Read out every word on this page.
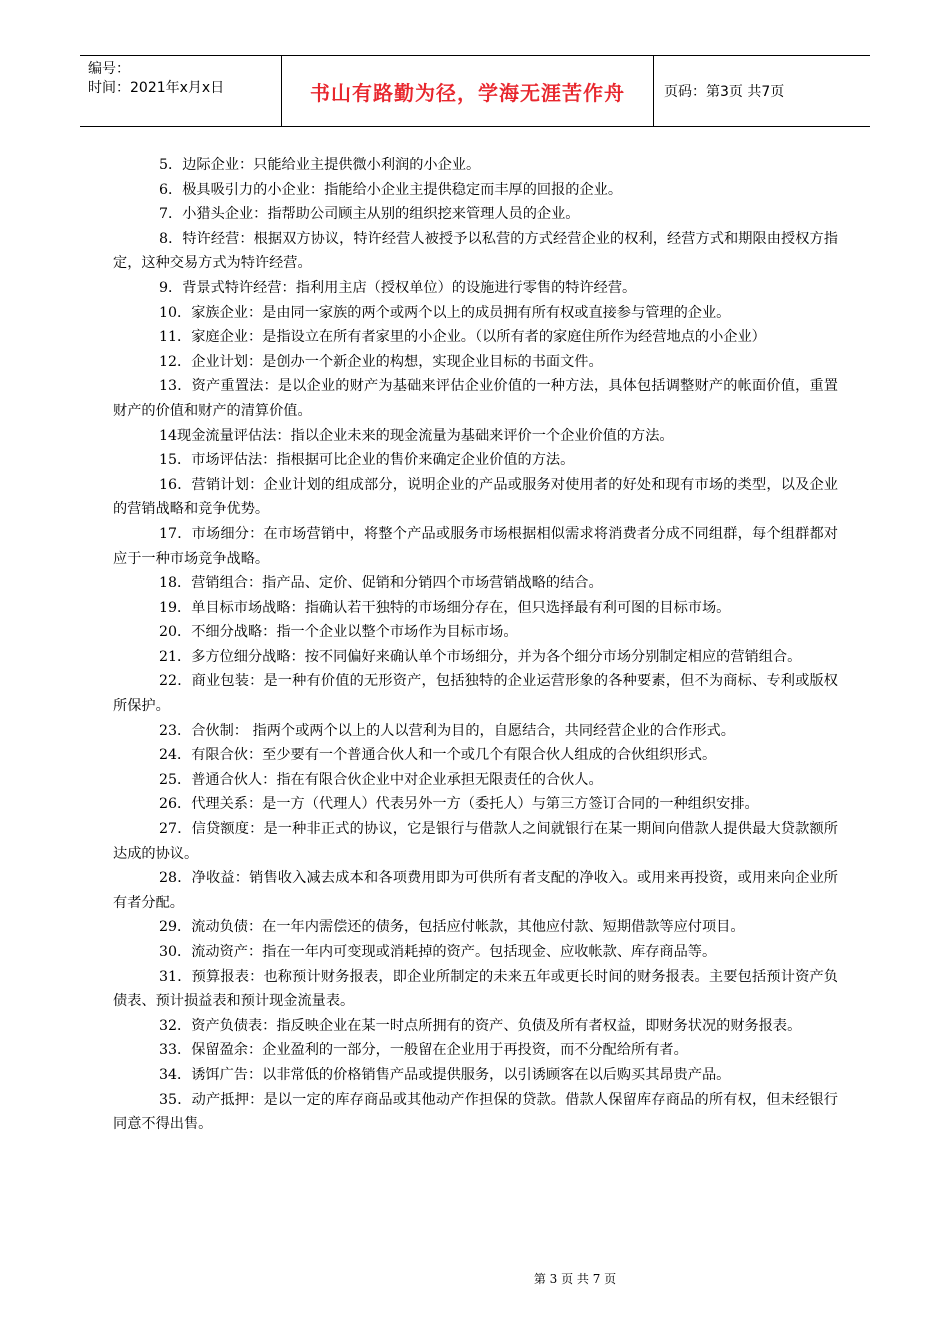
编号：
时间：2021年x月x日	书山有路勤为径，学海无涯苦作舟	页码：第3页 共7页

5．边际企业：只能给业主提供微小利润的小企业。

6．极具吸引力的小企业：指能给小企业主提供稳定而丰厚的回报的企业。

7．小猎头企业：指帮助公司顾主从别的组织挖来管理人员的企业。

8．特许经营：根据双方协议，特许经营人被授予以私营的方式经营企业的权利，经营方式和期限由授权方指定，这种交易方式为特许经营。

9．背景式特许经营：指利用主店（授权单位）的设施进行零售的特许经营。

10．家族企业：是由同一家族的两个或两个以上的成员拥有所有权或直接参与管理的企业。

11．家庭企业：是指设立在所有者家里的小企业。（以所有者的家庭住所作为经营地点的小企业）

12．企业计划：是创办一个新企业的构想，实现企业目标的书面文件。

13．资产重置法：是以企业的财产为基础来评估企业价值的一种方法，具体包括调整财产的帐面价值，重置财产的价值和财产的清算价值。

14现金流量评估法：指以企业未来的现金流量为基础来评价一个企业价值的方法。

15．市场评估法：指根据可比企业的售价来确定企业价值的方法。

16．营销计划：企业计划的组成部分，说明企业的产品或服务对使用者的好处和现有市场的类型，以及企业的营销战略和竞争优势。

17．市场细分：在市场营销中，将整个产品或服务市场根据相似需求将消费者分成不同组群，每个组群都对应于一种市场竞争战略。

18．营销组合：指产品、定价、促销和分销四个市场营销战略的结合。

19．单目标市场战略：指确认若干独特的市场细分存在，但只选择最有利可图的目标市场。

20．不细分战略：指一个企业以整个市场作为目标市场。

21．多方位细分战略：按不同偏好来确认单个市场细分，并为各个细分市场分别制定相应的营销组合。

22．商业包装：是一种有价值的无形资产，包括独特的企业运营形象的各种要素，但不为商标、专利或版权所保护。

23．合伙制： 指两个或两个以上的人以营利为目的，自愿结合，共同经营企业的合作形式。

24．有限合伙：至少要有一个普通合伙人和一个或几个有限合伙人组成的合伙组织形式。

25．普通合伙人：指在有限合伙企业中对企业承担无限责任的合伙人。

26．代理关系：是一方（代理人）代表另外一方（委托人）与第三方签订合同的一种组织安排。

27．信贷额度：是一种非正式的协议，它是银行与借款人之间就银行在某一期间向借款人提供最大贷款额所达成的协议。

28．净收益：销售收入减去成本和各项费用即为可供所有者支配的净收入。或用来再投资，或用来向企业所有者分配。

29．流动负债：在一年内需偿还的债务，包括应付帐款，其他应付款、短期借款等应付项目。

30．流动资产：指在一年内可变现或消耗掉的资产。包括现金、应收帐款、库存商品等。

31．预算报表：也称预计财务报表，即企业所制定的未来五年或更长时间的财务报表。主要包括预计资产负债表、预计损益表和预计现金流量表。

32．资产负债表：指反映企业在某一时点所拥有的资产、负债及所有者权益，即财务状况的财务报表。

33．保留盈余：企业盈利的一部分，一般留在企业用于再投资，而不分配给所有者。

34．诱饵广告：以非常低的价格销售产品或提供服务，以引诱顾客在以后购买其昂贵产品。

35．动产抵押：是以一定的库存商品或其他动产作担保的贷款。借款人保留库存商品的所有权，但未经银行同意不得出售。

第 3 页 共 7 页
